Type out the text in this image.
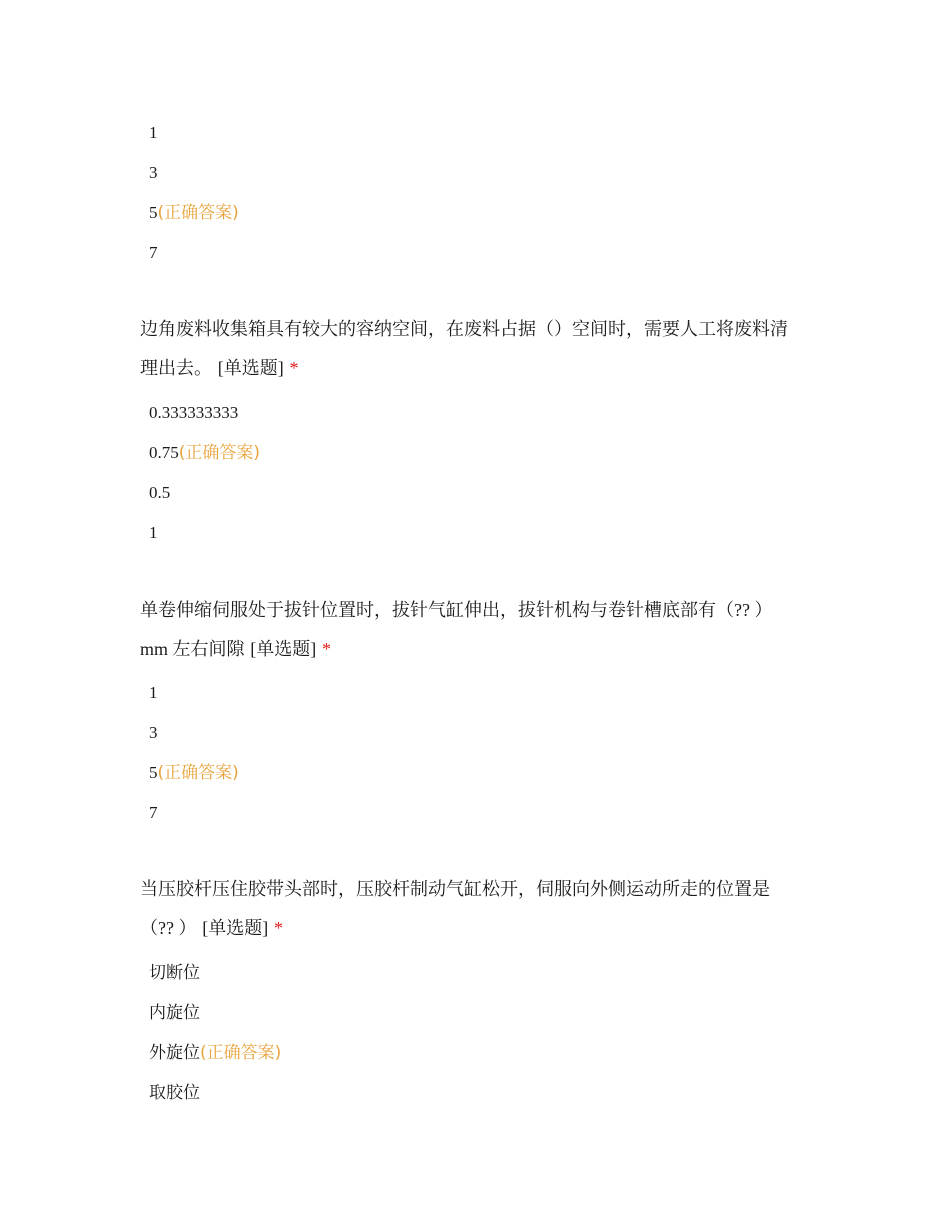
1
3
5(正确答案)
7

边角废料收集箱具有较大的容纳空间，在废料占据（）空间时，需要人工将废料清
理出去。 [单选题] *

0.333333333
0.75(正确答案)
0.5
1

单卷伸缩伺服处于拔针位置时，拔针气缸伸出，拔针机构与卷针槽底部有（?? ）
mm 左右间隙 [单选题] *

1
3
5(正确答案)
7

当压胶杆压住胶带头部时，压胶杆制动气缸松开，伺服向外侧运动所走的位置是
（?? ） [单选题] *

切断位
内旋位
外旋位(正确答案)
取胶位
